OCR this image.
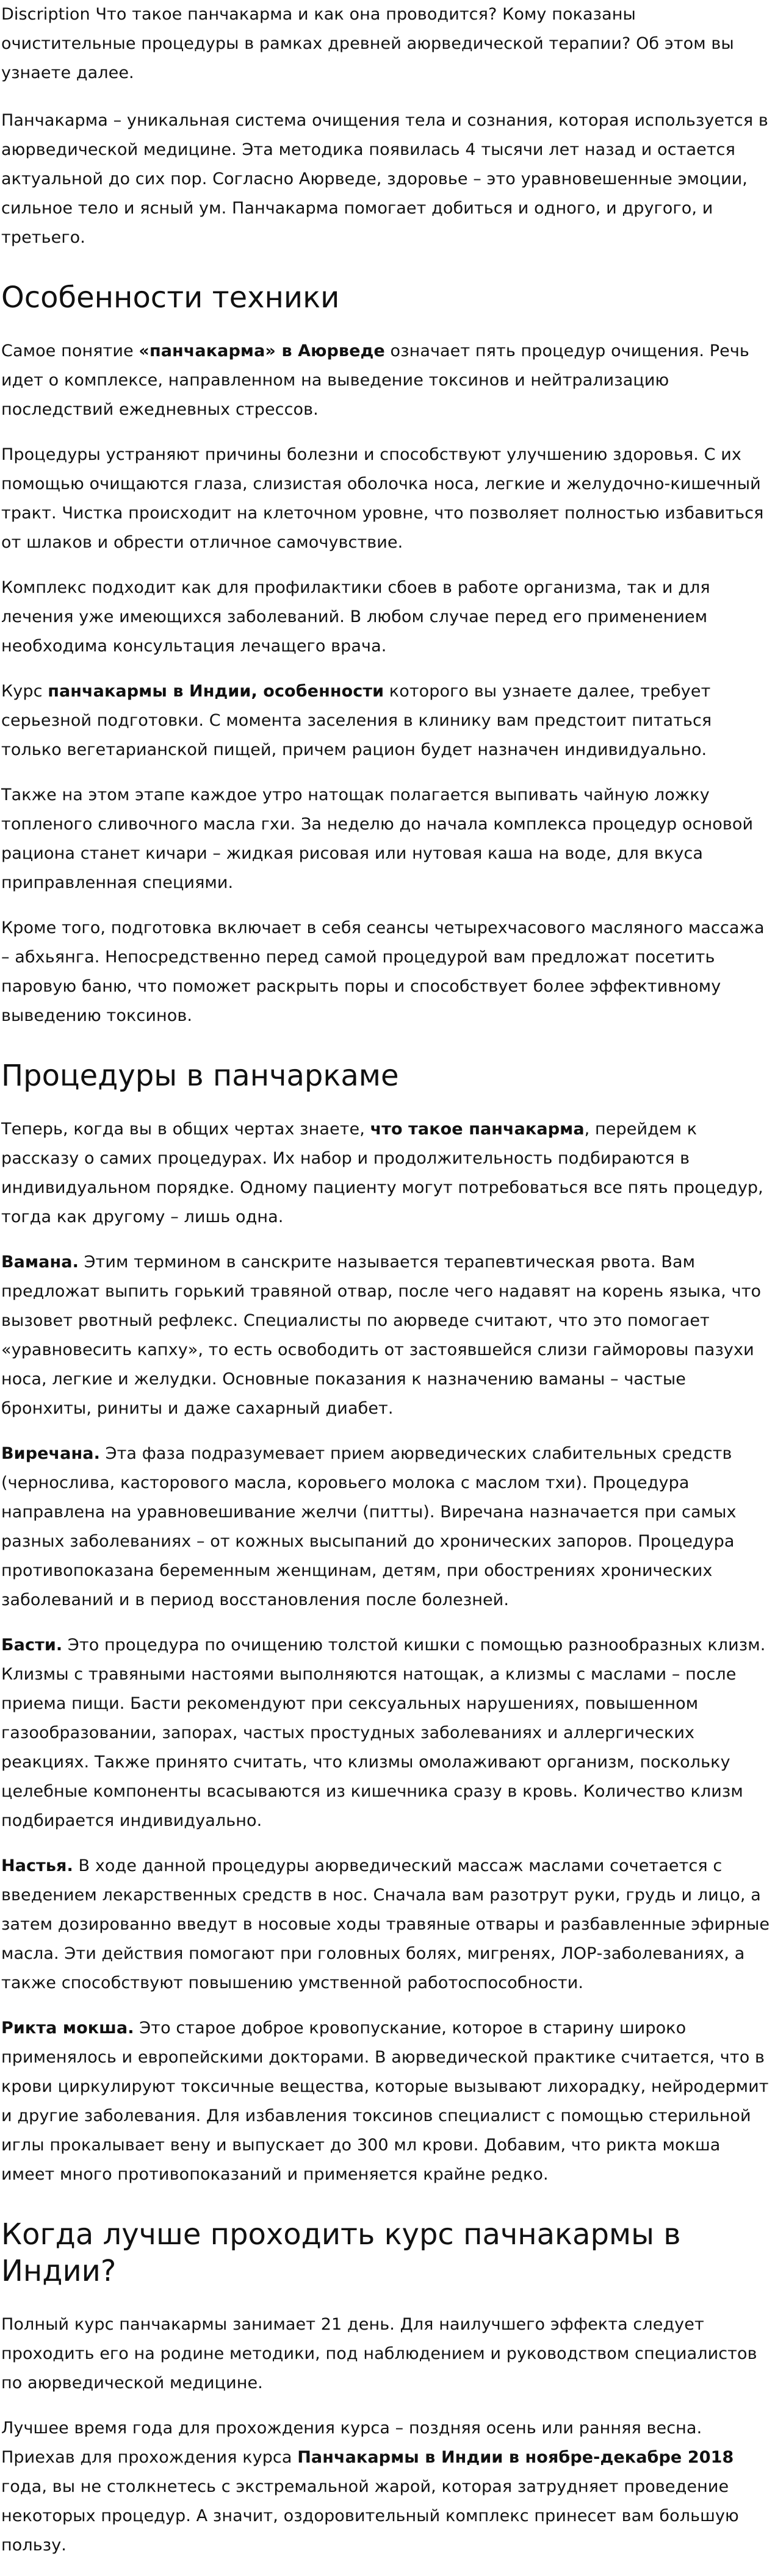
Discription Что такое панчакарма и как она проводится? Кому показаны очистительные процедуры в рамках древней аюрведической терапии? Об этом вы узнаете далее.

Панчакарма – уникальная система очищения тела и сознания, которая используется в аюрведической медицине. Эта методика появилась 4 тысячи лет назад и остается актуальной до сих пор. Согласно Аюрведе, здоровье – это уравновешенные эмоции, сильное тело и ясный ум. Панчакарма помогает добиться и одного, и другого, и третьего.

Особенности техники

Самое понятие «панчакарма» в Аюрведе означает пять процедур очищения. Речь идет о комплексе, направленном на выведение токсинов и нейтрализацию последствий ежедневных стрессов.

Процедуры устраняют причины болезни и способствуют улучшению здоровья. С их помощью очищаются глаза, слизистая оболочка носа, легкие и желудочно-кишечный тракт. Чистка происходит на клеточном уровне, что позволяет полностью избавиться от шлаков и обрести отличное самочувствие.

Комплекс подходит как для профилактики сбоев в работе организма, так и для лечения уже имеющихся заболеваний. В любом случае перед его применением необходима консультация лечащего врача.

Курс панчакармы в Индии, особенности которого вы узнаете далее, требует серьезной подготовки. С момента заселения в клинику вам предстоит питаться только вегетарианской пищей, причем рацион будет назначен индивидуально.

Также на этом этапе каждое утро натощак полагается выпивать чайную ложку топленого сливочного масла гхи. За неделю до начала комплекса процедур основой рациона станет кичари – жидкая рисовая или нутовая каша на воде, для вкуса приправленная специями.

Кроме того, подготовка включает в себя сеансы четырехчасового масляного массажа – абхьянга. Непосредственно перед самой процедурой вам предложат посетить паровую баню, что поможет раскрыть поры и способствует более эффективному выведению токсинов.

Процедуры в панчаркаме

Теперь, когда вы в общих чертах знаете, что такое панчакарма, перейдем к рассказу о самих процедурах. Их набор и продолжительность подбираются в индивидуальном порядке. Одному пациенту могут потребоваться все пять процедур, тогда как другому – лишь одна.

Вамана. Этим термином в санскрите называется терапевтическая рвота. Вам предложат выпить горький травяной отвар, после чего надавят на корень языка, что вызовет рвотный рефлекс. Специалисты по аюрведе считают, что это помогает «уравновесить капху», то есть освободить от застоявшейся слизи гайморовы пазухи носа, легкие и желудки. Основные показания к назначению ваманы – частые бронхиты, риниты и даже сахарный диабет.

Виречана. Эта фаза подразумевает прием аюрведических слабительных средств (чернослива, касторового масла, коровьего молока с маслом тхи). Процедура направлена на уравновешивание желчи (питты). Виречана назначается при самых разных заболеваниях – от кожных высыпаний до хронических запоров. Процедура противопоказана беременным женщинам, детям, при обострениях хронических заболеваний и в период восстановления после болезней.

Басти. Это процедура по очищению толстой кишки с помощью разнообразных клизм. Клизмы с травяными настоями выполняются натощак, а клизмы с маслами – после приема пищи. Басти рекомендуют при сексуальных нарушениях, повышенном газообразовании, запорах, частых простудных заболеваниях и аллергических реакциях. Также принято считать, что клизмы омолаживают организм, поскольку целебные компоненты всасываются из кишечника сразу в кровь. Количество клизм подбирается индивидуально.

Настья. В ходе данной процедуры аюрведический массаж маслами сочетается с введением лекарственных средств в нос. Сначала вам разотрут руки, грудь и лицо, а затем дозированно введут в носовые ходы травяные отвары и разбавленные эфирные масла. Эти действия помогают при головных болях, мигренях, ЛОР-заболеваниях, а также способствуют повышению умственной работоспособности.

Рикта мокша. Это старое доброе кровопускание, которое в старину широко применялось и европейскими докторами. В аюрведической практике считается, что в крови циркулируют токсичные вещества, которые вызывают лихорадку, нейродермит и другие заболевания. Для избавления токсинов специалист с помощью стерильной иглы прокалывает вену и выпускает до 300 мл крови. Добавим, что рикта мокша имеет много противопоказаний и применяется крайне редко.

Когда лучше проходить курс пачнакармы в Индии?

Полный курс панчакармы занимает 21 день. Для наилучшего эффекта следует проходить его на родине методики, под наблюдением и руководством специалистов по аюрведической медицине.

Лучшее время года для прохождения курса – поздняя осень или ранняя весна. Приехав для прохождения курса Панчакармы в Индии в ноябре-декабре 2018 года, вы не столкнетесь с экстремальной жарой, которая затрудняет проведение некоторых процедур. А значит, оздоровительный комплекс принесет вам большую пользу.
